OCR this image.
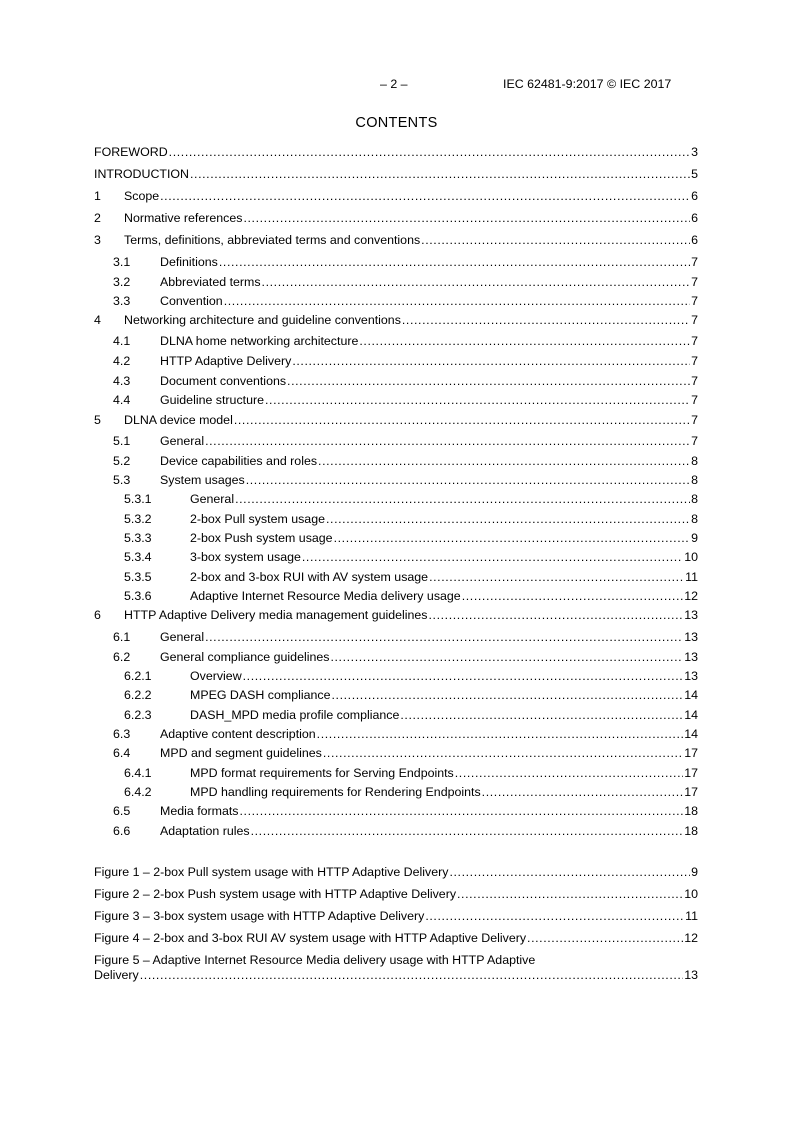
– 2 –	IEC 62481-9:2017 © IEC 2017
CONTENTS
FOREWORD .....	3
INTRODUCTION .....	5
1	Scope .....	6
2	Normative references .....	6
3	Terms, definitions, abbreviated terms and conventions .....	6
3.1	Definitions .....	7
3.2	Abbreviated terms .....	7
3.3	Convention .....	7
4	Networking architecture and guideline conventions .....	7
4.1	DLNA home networking architecture .....	7
4.2	HTTP Adaptive Delivery .....	7
4.3	Document conventions .....	7
4.4	Guideline structure .....	7
5	DLNA device model .....	7
5.1	General .....	7
5.2	Device capabilities and roles .....	8
5.3	System usages .....	8
5.3.1	General .....	8
5.3.2	2-box Pull system usage .....	8
5.3.3	2-box Push system usage .....	9
5.3.4	3-box system usage .....	10
5.3.5	2-box and 3-box RUI with AV system usage .....	11
5.3.6	Adaptive Internet Resource Media delivery usage .....	12
6	HTTP Adaptive Delivery media management guidelines .....	13
6.1	General .....	13
6.2	General compliance guidelines .....	13
6.2.1	Overview .....	13
6.2.2	MPEG DASH compliance .....	14
6.2.3	DASH_MPD media profile compliance .....	14
6.3	Adaptive content description .....	14
6.4	MPD and segment guidelines .....	17
6.4.1	MPD format requirements for Serving Endpoints .....	17
6.4.2	MPD handling requirements for Rendering Endpoints .....	17
6.5	Media formats .....	18
6.6	Adaptation rules .....	18
Figure 1 – 2-box Pull system usage with HTTP Adaptive Delivery .....	9
Figure 2 – 2-box Push system usage with HTTP Adaptive Delivery .....	10
Figure 3 – 3-box system usage with HTTP Adaptive Delivery .....	11
Figure 4 – 2-box and 3-box RUI AV system usage with HTTP Adaptive Delivery .....	12
Figure 5 – Adaptive Internet Resource Media delivery usage with HTTP Adaptive
Delivery .....	13
